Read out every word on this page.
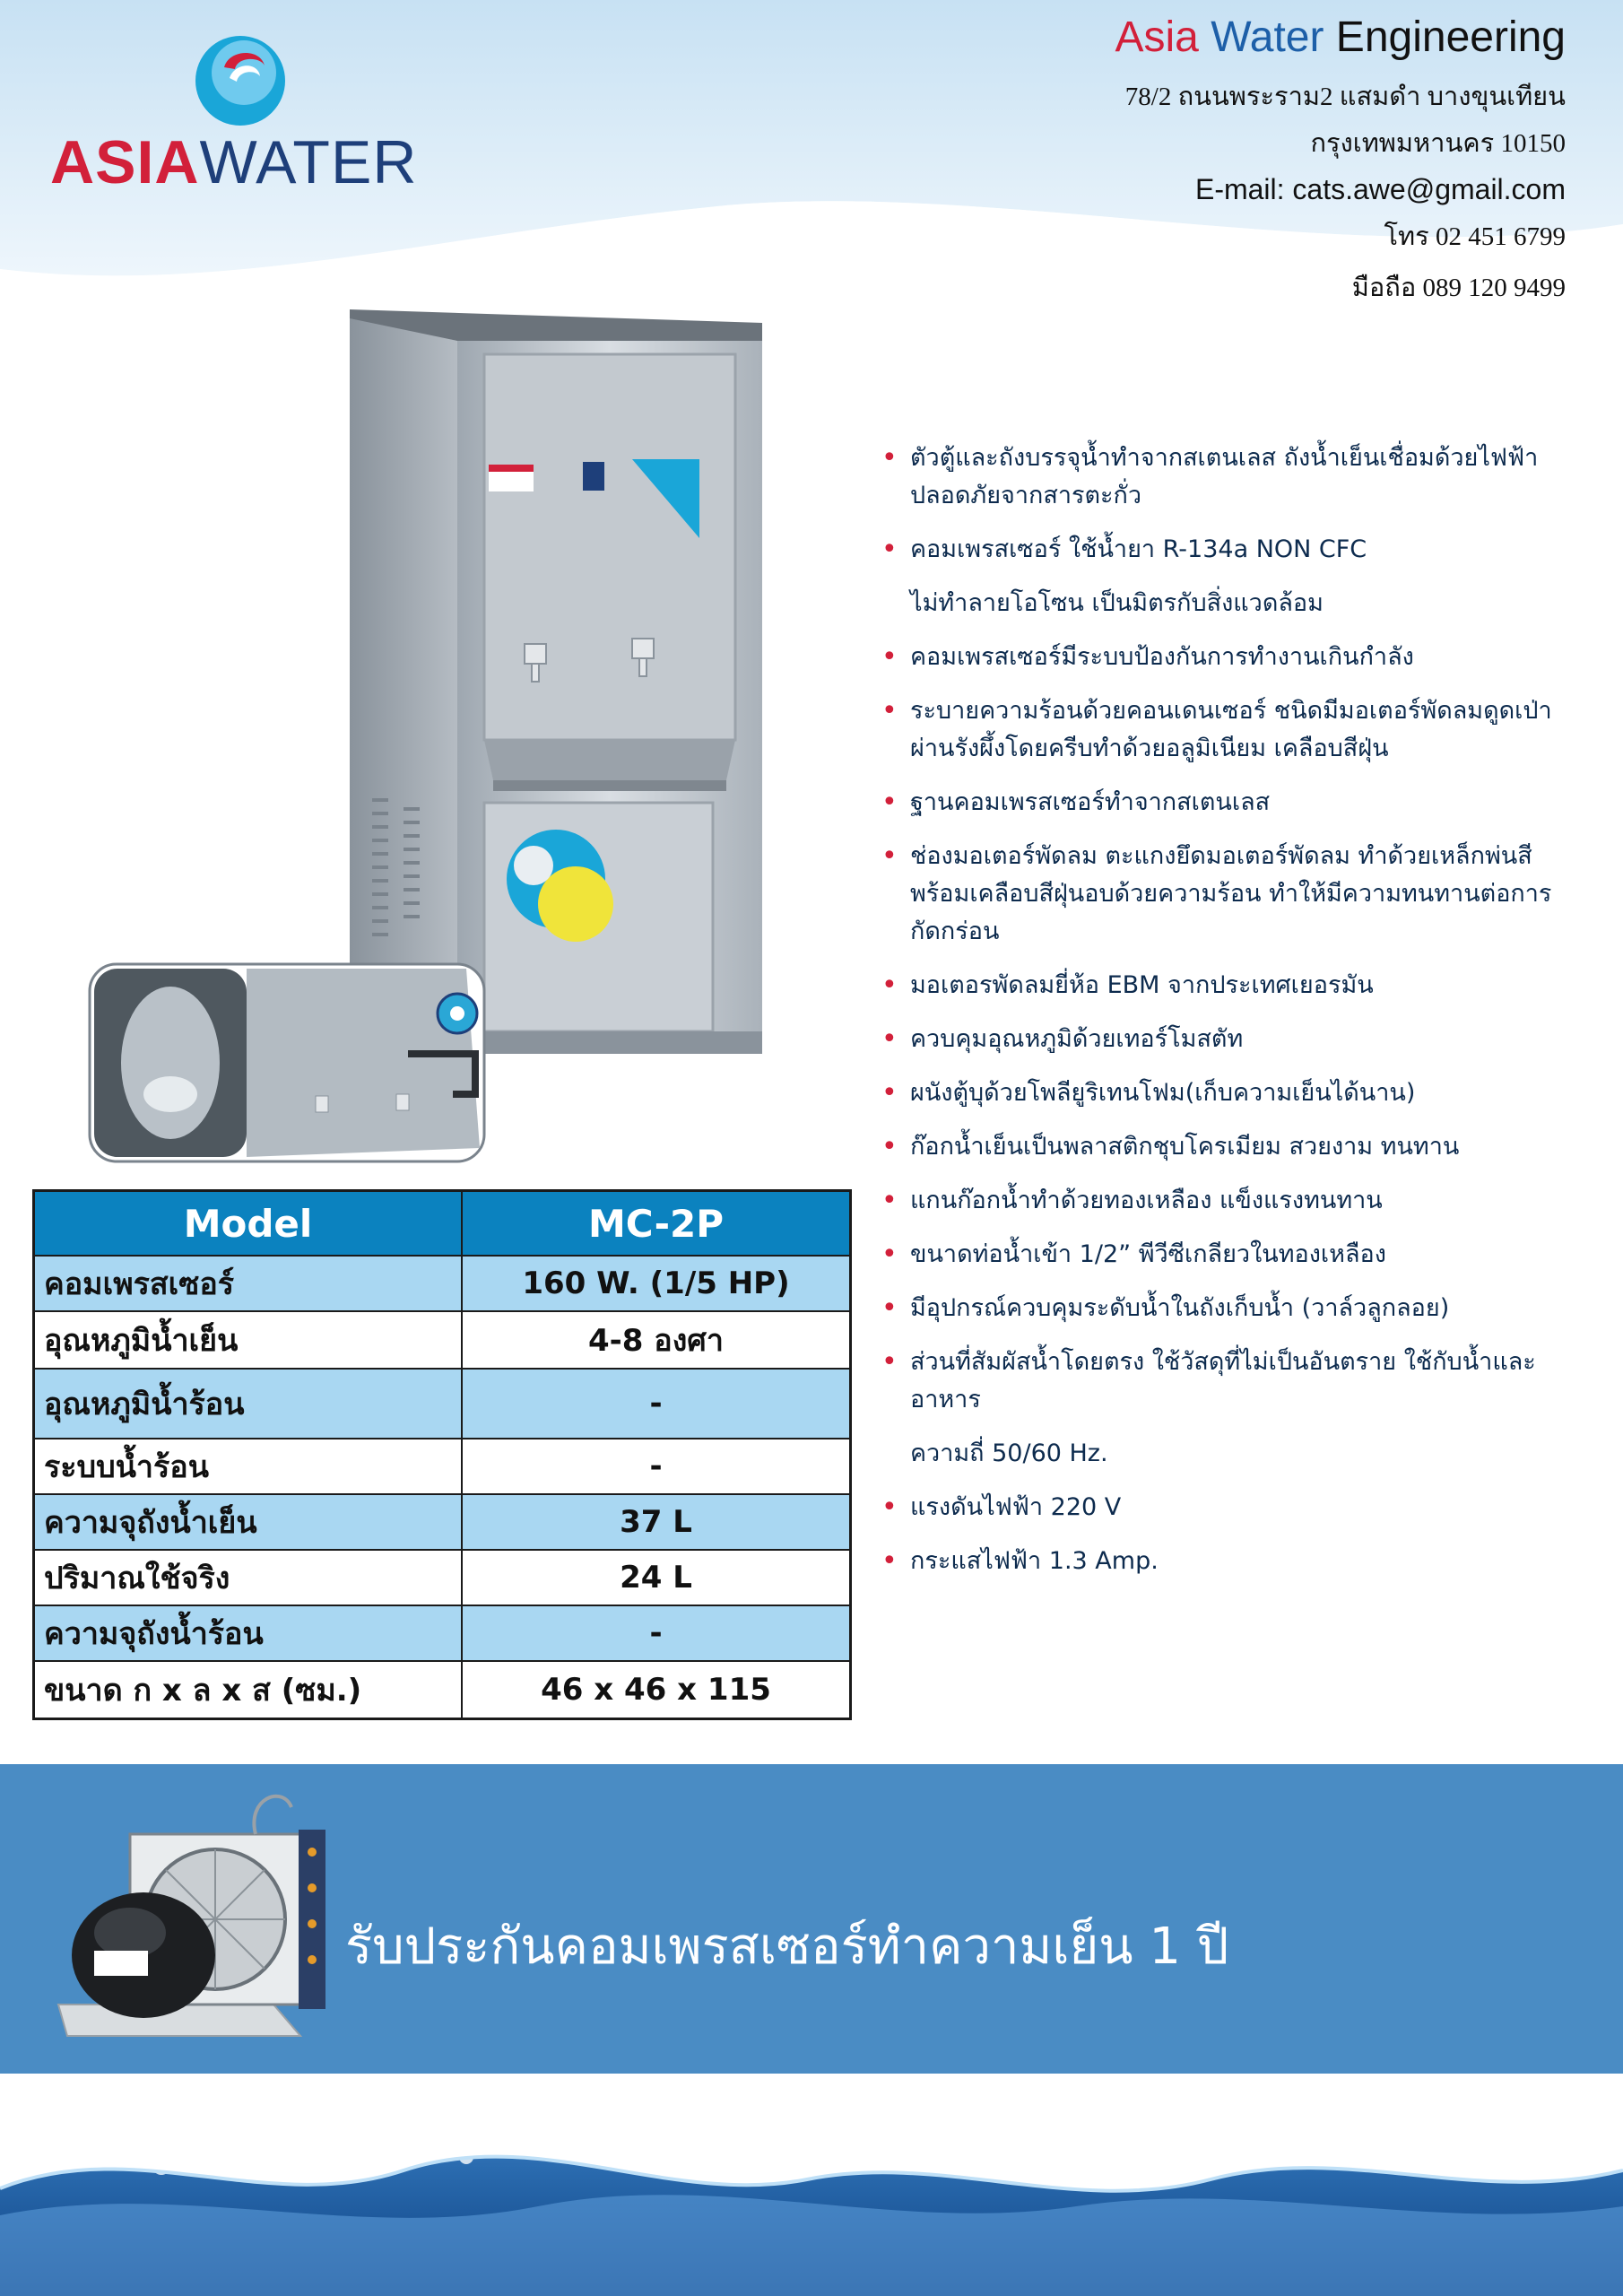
ASIAWATER
Asia Water Engineering
78/2 ถนนพระราม2 แสมดำ บางขุนเทียน
กรุงเทพมหานคร 10150
E-mail: cats.awe@gmail.com
โทร 02 451 6799
มือถือ 089 120 9499
• ตัวตู้และถังบรรจุน้ำทำจากสเตนเลส ถังน้ำเย็นเชื่อมด้วยไฟฟ้า ปลอดภัยจากสารตะกั่ว
• คอมเพรสเซอร์ ใช้น้ำยา R-134a NON CFC
ไม่ทำลายโอโซน เป็นมิตรกับสิ่งแวดล้อม
• คอมเพรสเซอร์มีระบบป้องกันการทำงานเกินกำลัง
• ระบายความร้อนด้วยคอนเดนเซอร์ ชนิดมีมอเตอร์พัดลมดูดเป่าผ่านรังผึ้งโดยครีบทำด้วยอลูมิเนียม เคลือบสีฝุ่น
• ฐานคอมเพรสเซอร์ทำจากสเตนเลส
• ช่องมอเตอร์พัดลม ตะแกงยึดมอเตอร์พัดลม ทำด้วยเหล็กพ่นสีพร้อมเคลือบสีฝุ่นอบด้วยความร้อน ทำให้มีความทนทานต่อการกัดกร่อน
• มอเตอรพัดลมยี่ห้อ EBM จากประเทศเยอรมัน
• ควบคุมอุณหภูมิด้วยเทอร์โมสตัท
• ผนังตู้บุด้วยโพลียูริเทนโฟม(เก็บความเย็นได้นาน)
• ก๊อกน้ำเย็นเป็นพลาสติกชุบโครเมียม สวยงาม ทนทาน
• แกนก๊อกน้ำทำด้วยทองเหลือง แข็งแรงทนทาน
• ขนาดท่อน้ำเข้า 1/2” พีวีซีเกลียวในทองเหลือง
• มีอุปกรณ์ควบคุมระดับน้ำในถังเก็บน้ำ (วาล์วลูกลอย)
• ส่วนที่สัมผัสน้ำโดยตรง ใช้วัสดุที่ไม่เป็นอันตราย ใช้กับน้ำและอาหาร
ความถี่ 50/60 Hz.
• แรงดันไฟฟ้า 220 V
• กระแสไฟฟ้า 1.3 Amp.
Model	MC-2P
คอมเพรสเซอร์	160 W. (1/5 HP)
อุณหภูมิน้ำเย็น	4-8 องศา
อุณหภูมิน้ำร้อน	-
ระบบน้ำร้อน	-
ความจุถังน้ำเย็น	37 L
ปริมาณใช้จริง	24 L
ความจุถังน้ำร้อน	-
ขนาด ก x ล x ส (ซม.)	46 x 46 x 115
รับประกันคอมเพรสเซอร์ทำความเย็น 1 ปี
